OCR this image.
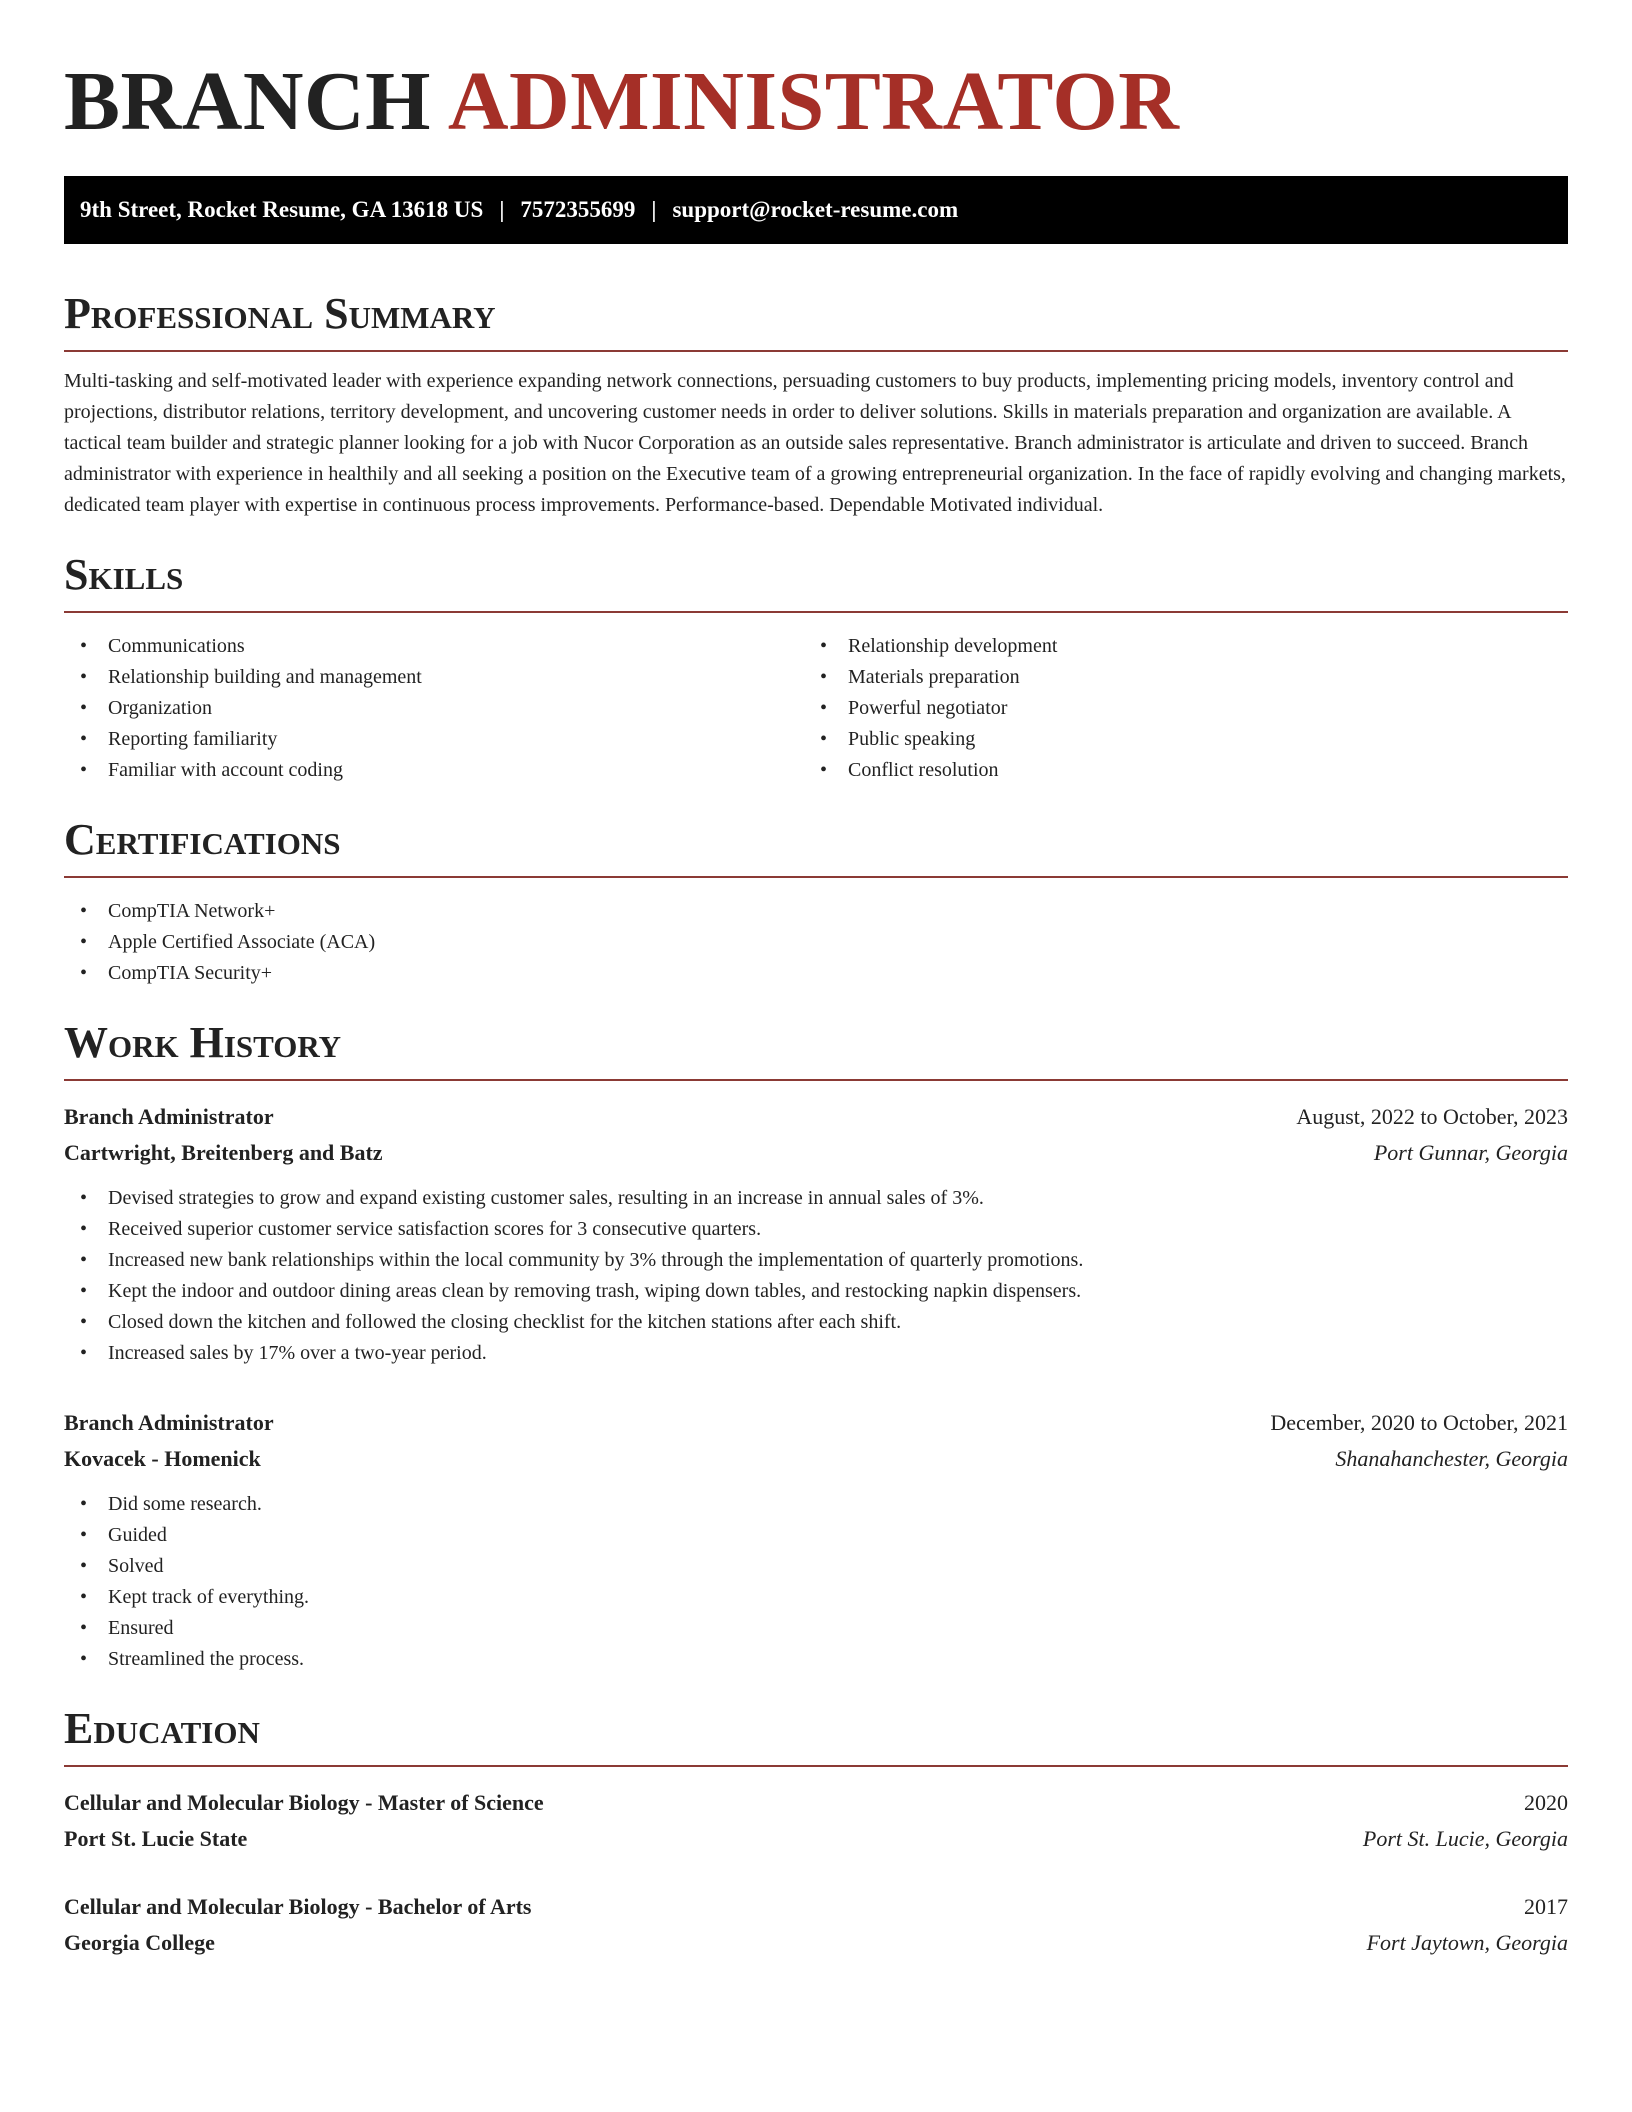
BRANCH ADMINISTRATOR
9th Street, Rocket Resume, GA 13618 US | 7572355699 | support@rocket-resume.com
Professional Summary

Multi-tasking and self-motivated leader with experience expanding network connections, persuading customers to buy products, implementing pricing models, inventory control and projections, distributor relations, territory development, and uncovering customer needs in order to deliver solutions. Skills in materials preparation and organization are available. A tactical team builder and strategic planner looking for a job with Nucor Corporation as an outside sales representative. Branch administrator is articulate and driven to succeed. Branch administrator with experience in healthily and all seeking a position on the Executive team of a growing entrepreneurial organization. In the face of rapidly evolving and changing markets, dedicated team player with expertise in continuous process improvements. Performance-based. Dependable Motivated individual.

Skills
• Communications
• Relationship building and management
• Organization
• Reporting familiarity
• Familiar with account coding
• Relationship development
• Materials preparation
• Powerful negotiator
• Public speaking
• Conflict resolution
Certifications
• CompTIA Network+
• Apple Certified Associate (ACA)
• CompTIA Security+
Work History
Branch Administrator	August, 2022 to October, 2023
Cartwright, Breitenberg and Batz	Port Gunnar, Georgia
• Devised strategies to grow and expand existing customer sales, resulting in an increase in annual sales of 3%.
• Received superior customer service satisfaction scores for 3 consecutive quarters.
• Increased new bank relationships within the local community by 3% through the implementation of quarterly promotions.
• Kept the indoor and outdoor dining areas clean by removing trash, wiping down tables, and restocking napkin dispensers.
• Closed down the kitchen and followed the closing checklist for the kitchen stations after each shift.
• Increased sales by 17% over a two-year period.
Branch Administrator	December, 2020 to October, 2021
Kovacek - Homenick	Shanahanchester, Georgia
• Did some research.
• Guided
• Solved
• Kept track of everything.
• Ensured
• Streamlined the process.
Education
Cellular and Molecular Biology - Master of Science	2020
Port St. Lucie State	Port St. Lucie, Georgia
Cellular and Molecular Biology - Bachelor of Arts	2017
Georgia College	Fort Jaytown, Georgia
